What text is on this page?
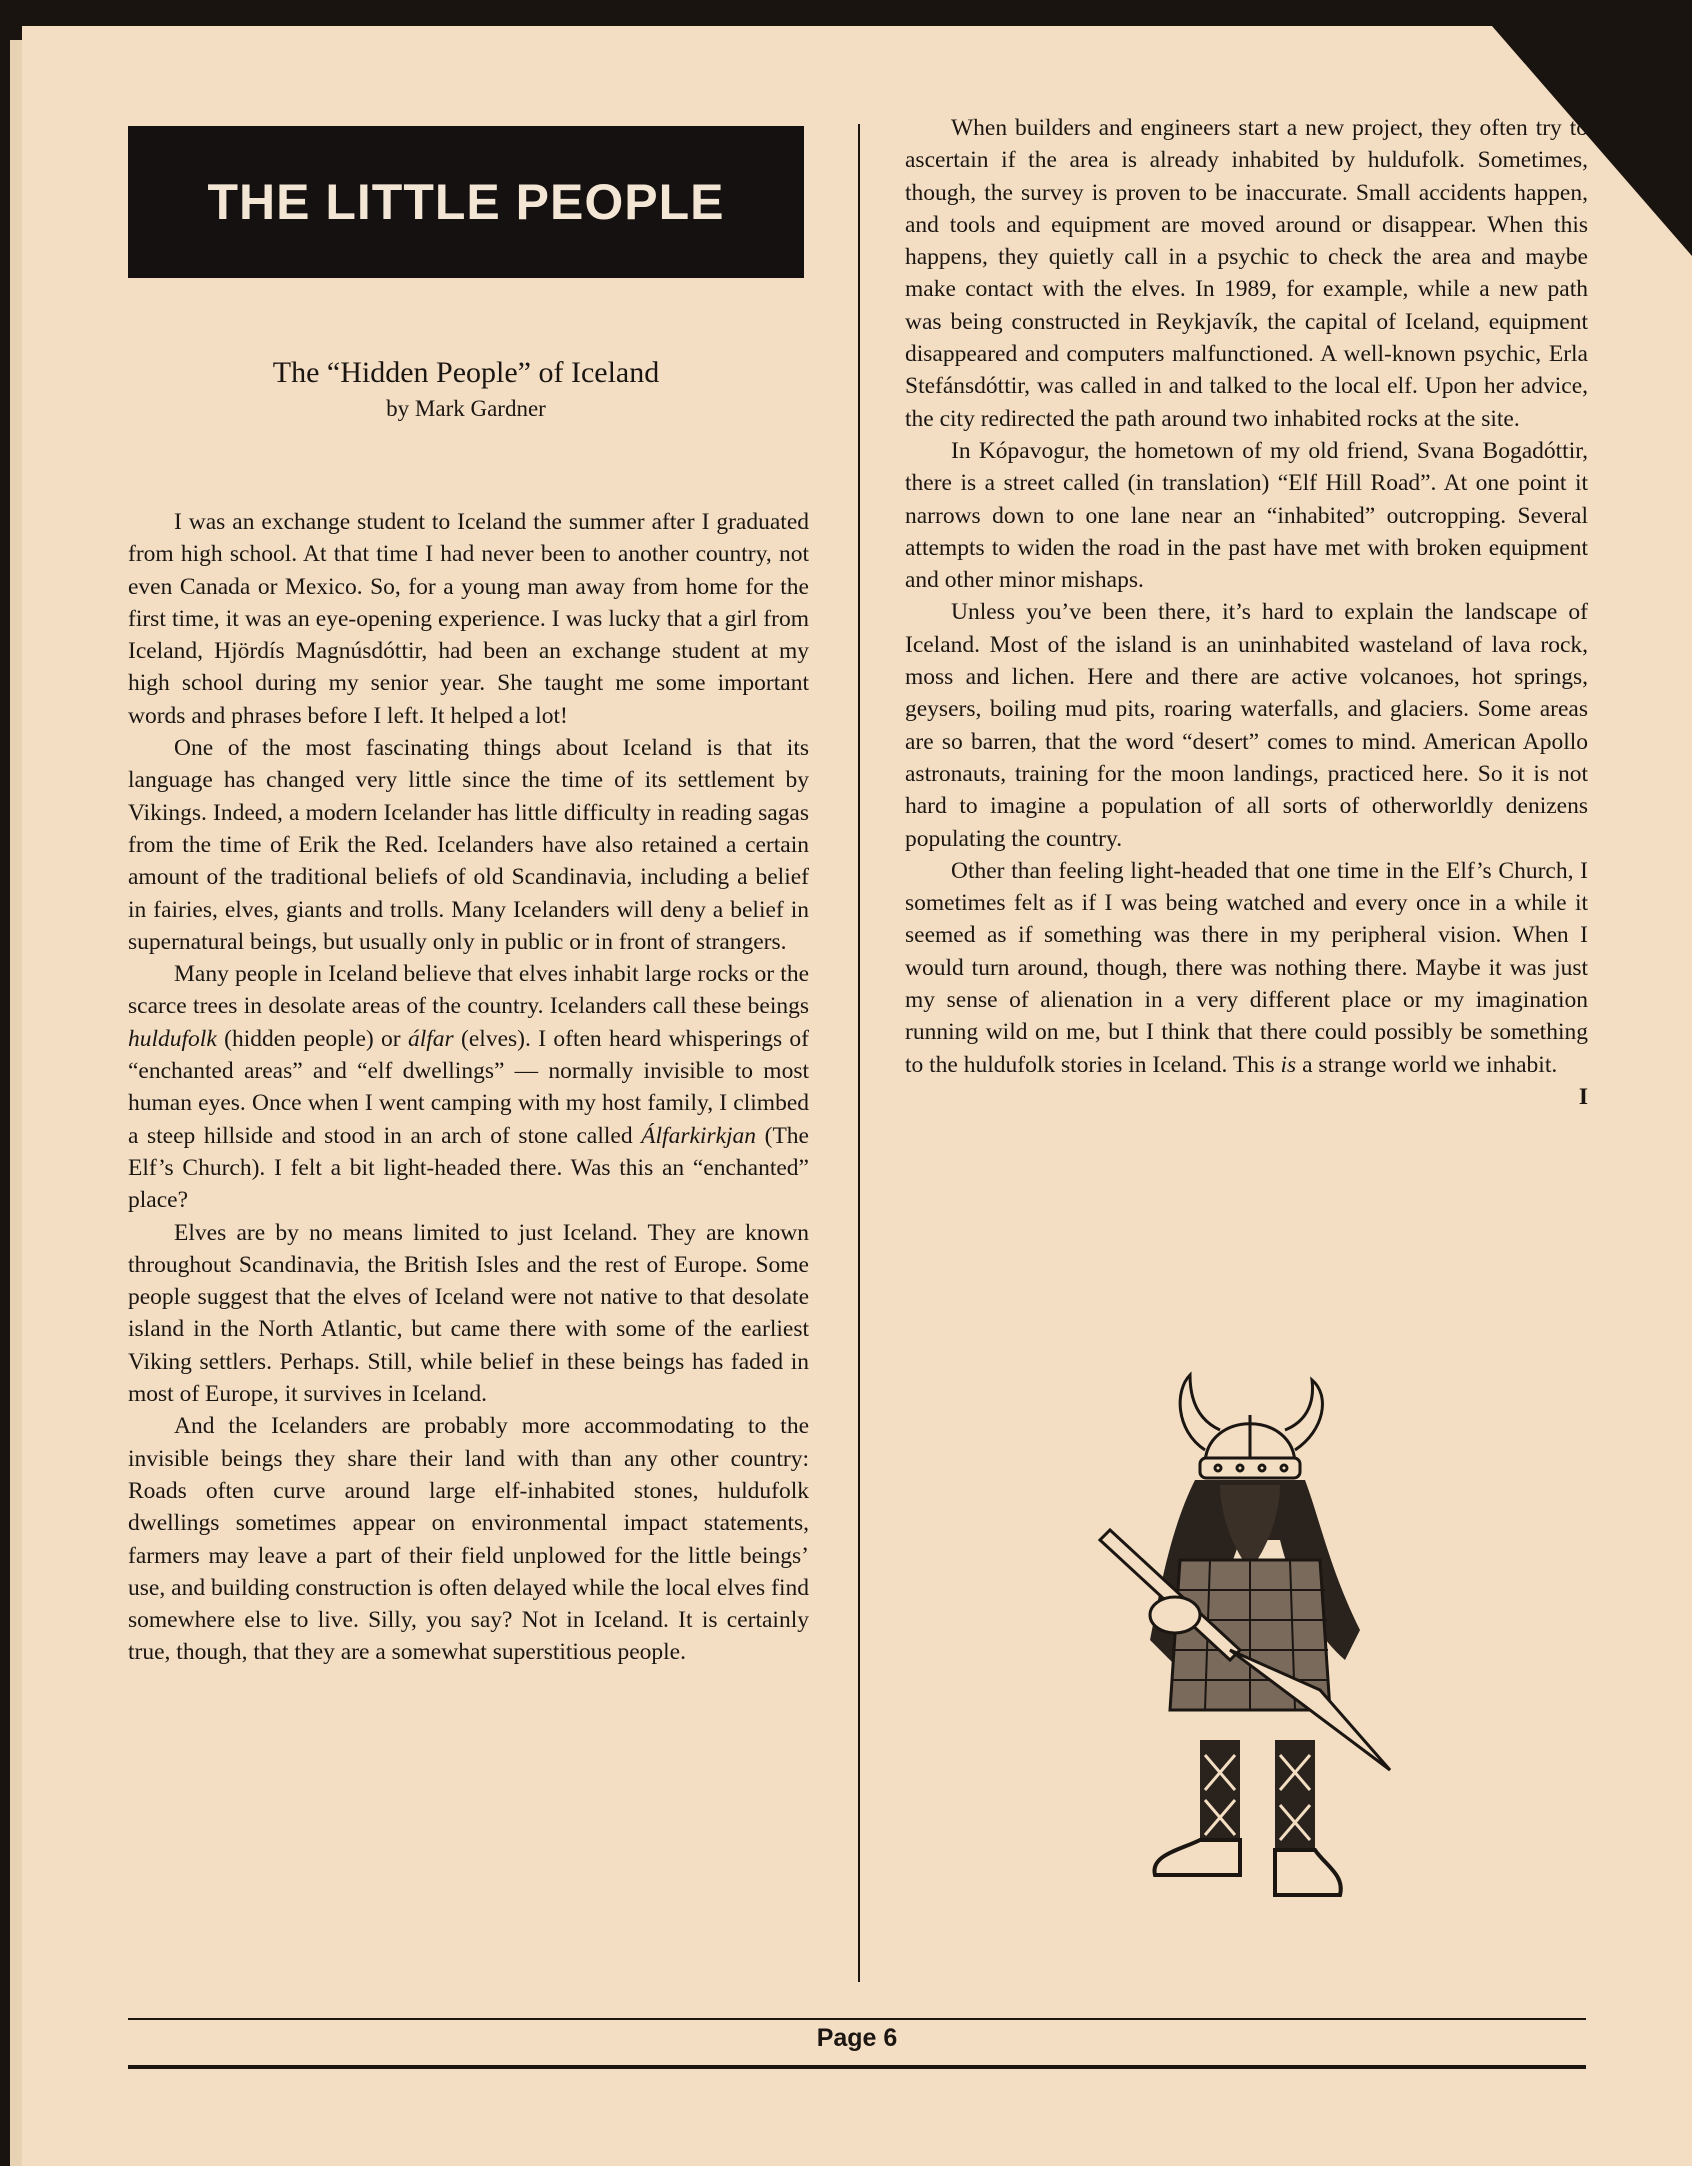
THE LITTLE PEOPLE
The “Hidden People” of Iceland
by Mark Gardner

I was an exchange student to Iceland the summer after I graduated from high school. At that time I had never been to another country, not even Canada or Mexico. So, for a young man away from home for the first time, it was an eye-opening experience. I was lucky that a girl from Iceland, Hjördís Magnúsdóttir, had been an exchange student at my high school during my senior year. She taught me some important words and phrases before I left. It helped a lot!

One of the most fascinating things about Iceland is that its language has changed very little since the time of its settlement by Vikings. Indeed, a modern Icelander has little difficulty in reading sagas from the time of Erik the Red. Icelanders have also retained a certain amount of the traditional beliefs of old Scandinavia, including a belief in fairies, elves, giants and trolls. Many Icelanders will deny a belief in supernatural beings, but usually only in public or in front of strangers.

Many people in Iceland believe that elves inhabit large rocks or the scarce trees in desolate areas of the country. Icelanders call these beings huldufolk (hidden people) or álfar (elves). I often heard whisperings of “enchanted areas” and “elf dwellings” — normally invisible to most human eyes. Once when I went camping with my host family, I climbed a steep hillside and stood in an arch of stone called Álfarkirkjan (The Elf’s Church). I felt a bit light-headed there. Was this an “enchanted” place?

Elves are by no means limited to just Iceland. They are known throughout Scandinavia, the British Isles and the rest of Europe. Some people suggest that the elves of Iceland were not native to that desolate island in the North Atlantic, but came there with some of the earliest Viking settlers. Perhaps. Still, while belief in these beings has faded in most of Europe, it survives in Iceland.

And the Icelanders are probably more accommodating to the invisible beings they share their land with than any other country: Roads often curve around large elf-inhabited stones, huldufolk dwellings sometimes appear on environmental impact statements, farmers may leave a part of their field unplowed for the little beings’ use, and building construction is often delayed while the local elves find somewhere else to live. Silly, you say? Not in Iceland. It is certainly true, though, that they are a somewhat superstitious people.

When builders and engineers start a new project, they often try to ascertain if the area is already inhabited by huldufolk. Sometimes, though, the survey is proven to be inaccurate. Small accidents happen, and tools and equipment are moved around or disappear. When this happens, they quietly call in a psychic to check the area and maybe make contact with the elves. In 1989, for example, while a new path was being constructed in Reykjavík, the capital of Iceland, equipment disappeared and computers malfunctioned. A well-known psychic, Erla Stefánsdóttir, was called in and talked to the local elf. Upon her advice, the city redirected the path around two inhabited rocks at the site.

In Kópavogur, the hometown of my old friend, Svana Bogadóttir, there is a street called (in translation) “Elf Hill Road”. At one point it narrows down to one lane near an “inhabited” outcropping. Several attempts to widen the road in the past have met with broken equipment and other minor mishaps.

Unless you’ve been there, it’s hard to explain the landscape of Iceland. Most of the island is an uninhabited wasteland of lava rock, moss and lichen. Here and there are active volcanoes, hot springs, geysers, boiling mud pits, roaring waterfalls, and glaciers. Some areas are so barren, that the word “desert” comes to mind. American Apollo astronauts, training for the moon landings, practiced here. So it is not hard to imagine a population of all sorts of otherworldly denizens populating the country.

Other than feeling light-headed that one time in the Elf’s Church, I sometimes felt as if I was being watched and every once in a while it seemed as if something was there in my peripheral vision. When I would turn around, though, there was nothing there. Maybe it was just my sense of alienation in a very different place or my imagination running wild on me, but I think that there could possibly be something to the huldufolk stories in Iceland. This is a strange world we inhabit.
I

Page 6
